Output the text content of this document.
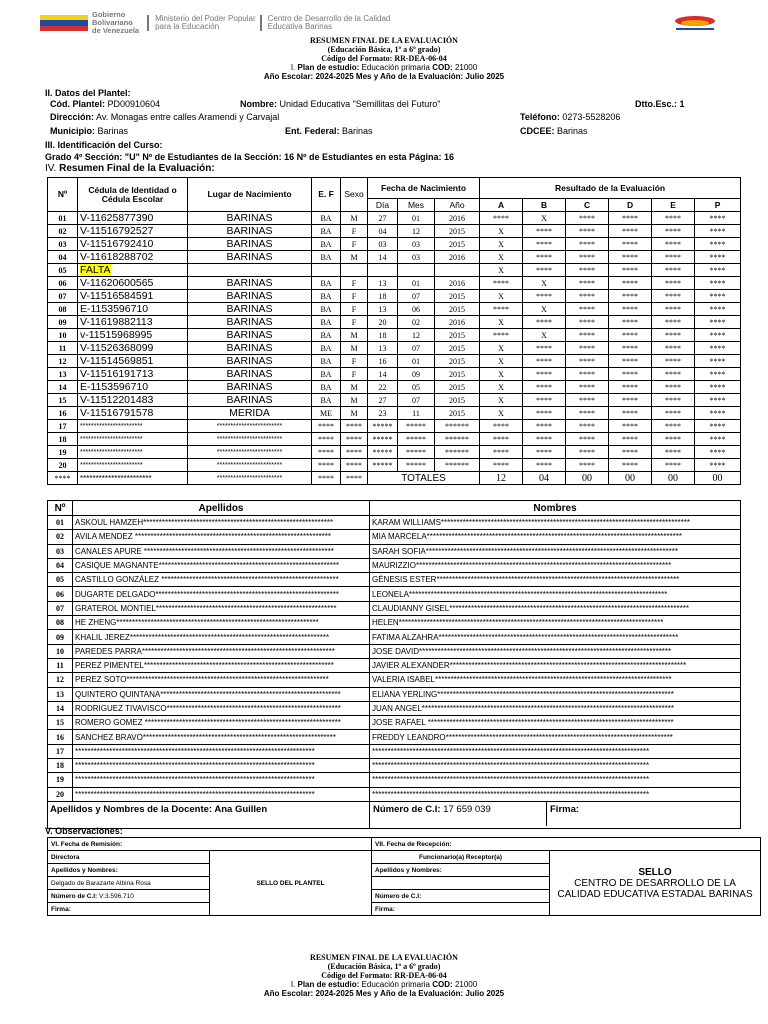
Gobierno
Bolivariano
de Venezuela
Ministerio del Poder Popular
para la Educación
Centro de Desarrollo de la Calidad
Educativa Barinas
RESUMEN FINAL DE LA EVALUACIÓN
(Educación Básica, 1º a 6º grado)
Código del Formato: RR-DEA-06-04
I. Plan de estudio: Educación primaria COD: 21000
Año Escolar: 2024-2025 Mes y Año de la Evaluación: Julio 2025
II. Datos del Plantel:
Cód. Plantel: PD00910604	Nombre: Unidad Educativa "Semillitas del Futuro"	Dtto.Esc.: 1
Dirección: Av. Monagas entre calles Aramendi y Carvajal	Teléfono: 0273-5528206
Municipio: Barinas	Ent. Federal: Barinas	CDCEE: Barinas
III. Identificación del Curso:
Grado 4º Sección: "U" Nº de Estudiantes de la Sección: 16 Nº de Estudiantes en esta Página: 16
IV. Resumen Final de la Evaluación:
Nº	Cédula de Identidad o Cédula Escolar	Lugar de Nacimiento	E. F	Sexo	Fecha de Nacimiento			Resultado de la Evaluación					
					Día	Mes	Año	A	B	C	D	E	P
01	V-11625877390	BARINAS	BA	M	27	01	2016	****	X	****	****	****	****
02	V-11516792527	BARINAS	BA	F	04	12	2015	X	****	****	****	****	****
03	V-11516792410	BARINAS	BA	F	03	03	2015	X	****	****	****	****	****
04	V-11618288702	BARINAS	BA	M	14	03	2016	X	****	****	****	****	****
05	FALTA							X	****	****	****	****	****
06	V-11620600565	BARINAS	BA	F	13	01	2016	****	X	****	****	****	****
07	V-11516584591	BARINAS	BA	F	18	07	2015	X	****	****	****	****	****
08	E-1153596710	BARINAS	BA	F	13	06	2015	****	X	****	****	****	****
09	V-11619882113	BARINAS	BA	F	20	02	2016	X	****	****	****	****	****
10	v-11515968995	BARINAS	BA	M	18	12	2015	****	X	****	****	****	****
11	V-11526368099	BARINAS	BA	M	13	07	2015	X	****	****	****	****	****
12	V-11514569851	BARINAS	BA	F	16	01	2015	X	****	****	****	****	****
13	V-11516191713	BARINAS	BA	F	14	09	2015	X	****	****	****	****	****
14	E-1153596710	BARINAS	BA	M	22	05	2015	X	****	****	****	****	****
15	V-11512201483	BARINAS	BA	M	27	07	2015	X	****	****	****	****	****
16	V-11516791578	MERIDA	ME	M	23	11	2015	X	****	****	****	****	****
17	***********************	************************	****	****	*****	*****	******	****	****	****	****	****	****
18	***********************	************************	****	****	*****	*****	******	****	****	****	****	****	****
19	***********************	************************	****	****	*****	*****	******	****	****	****	****	****	****
20	***********************	************************	****	****	*****	*****	******	****	****	****	****	****	****
****	***********************	************************	****	****	TOTALES			12	04	00	00	00	00
Nº	Apellidos	Nombres
01	ASKOUL HAMZEH*************************************************************	KARAM WILLIAMS********************************************************************************
02	AVILA MENDEZ ***************************************************************	MIA MARCELA**********************************************************************************
03	CANALES APURE *************************************************************	SARAH SOFIA*********************************************************************************
04	CASIQUE MAGNANTE**********************************************************	MAURIZZIO**********************************************************************************
05	CASTILLO GONZÁLEZ *********************************************************	GÉNESIS ESTER******************************************************************************
06	DUGARTE DELGADO***********************************************************	LEONELA***********************************************************************************
07	GRATEROL MONTIEL**********************************************************	CLAUDIANNY GISEL*****************************************************************************
08	HE ZHENG*****************************************************************	HELEN*************************************************************************************
09	KHALIL JEREZ****************************************************************	FATIMA ALZAHRA*****************************************************************************
10	PAREDES PARRA**************************************************************	JOSE DAVID*********************************************************************************
11	PEREZ PIMENTEL*************************************************************	JAVIER ALEXANDER****************************************************************************
12	PEREZ SOTO*****************************************************************	VALERIA ISABEL****************************************************************************
13	QUINTERO QUINTANA**********************************************************	ELIANA YERLING****************************************************************************
14	RODRIGUEZ TIVAVISCO********************************************************	JUAN ANGEL*********************************************************************************
15	ROMERO GOMEZ ***************************************************************	JOSE RAFAEL *******************************************************************************
16	SANCHEZ BRAVO**************************************************************	FREDDY LEANDRO*************************************************************************
17	*****************************************************************************	*****************************************************************************************
18	*****************************************************************************	*****************************************************************************************
19	*****************************************************************************	*****************************************************************************************
20	*****************************************************************************	*****************************************************************************************
Apellidos y Nombres de la Docente: Ana Guillen		Número de C.I: 17 659 039 Firma:
V. Observaciones:
VI. Fecha de Remisión:		VII. Fecha de Recepción:	
Directora	SELLO DEL PLANTEL	Funcionario(a) Receptor(a)	SELLO
CENTRO DE DESARROLLO DE LA CALIDAD EDUCATIVA ESTADAL BARINAS
Apellidos y Nombres:		Apellidos y Nombres:	
Delgado de Barazarte Albina Rosa			
Número de C.I: V:3.596.710		Número de C.I:	
Firma:		Firma:	
RESUMEN FINAL DE LA EVALUACIÓN
(Educación Básica, 1º a 6º grado)
Código del Formato: RR-DEA-06-04
I. Plan de estudio: Educación primaria COD: 21000
Año Escolar: 2024-2025 Mes y Año de la Evaluación: Julio 2025
